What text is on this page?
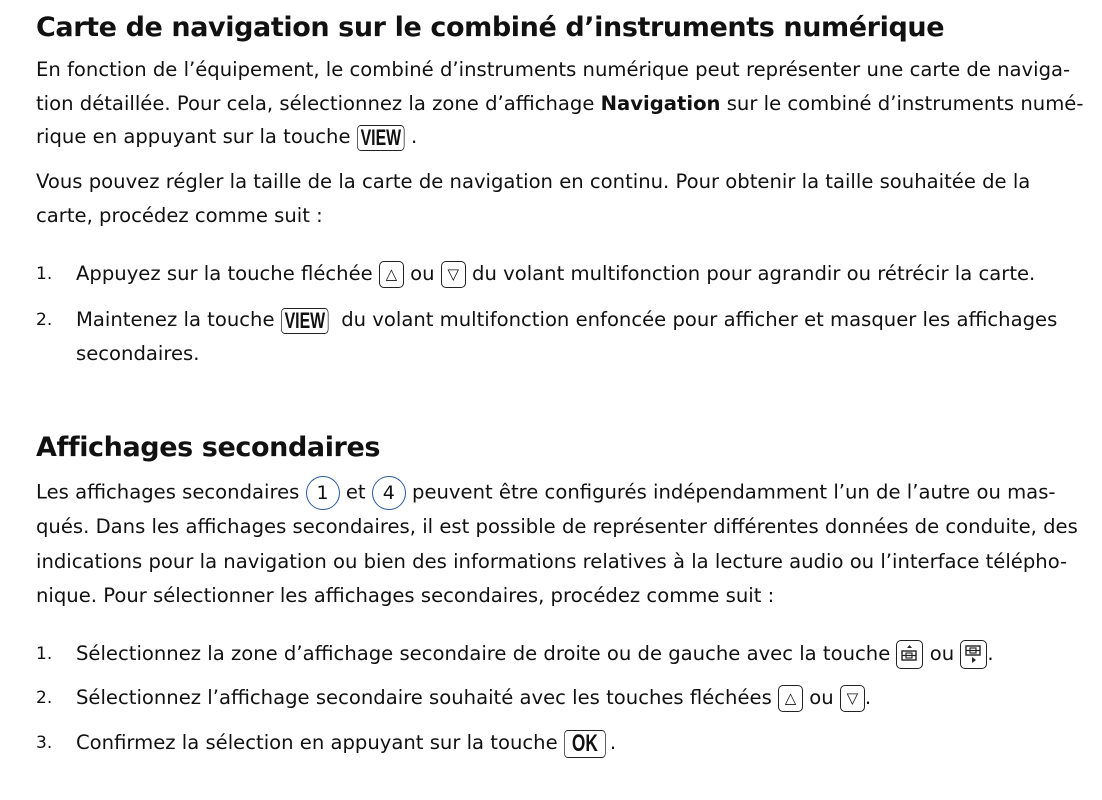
Carte de navigation sur le combiné d’instruments numérique
En fonction de l’équipement, le combiné d’instruments numérique peut représenter une carte de naviga-
tion détaillée. Pour cela, sélectionnez la zone d’affichage Navigation sur le combiné d’instruments numé-
rique en appuyant sur la touche VIEW .
Vous pouvez régler la taille de la carte de navigation en continu. Pour obtenir la taille souhaitée de la
carte, procédez comme suit :
1. Appuyez sur la touche fléchée △ ou ▽ du volant multifonction pour agrandir ou rétrécir la carte.
2. Maintenez la touche VIEW du volant multifonction enfoncée pour afficher et masquer les affichages
secondaires.
Affichages secondaires
Les affichages secondaires 1 et 4 peuvent être configurés indépendamment l’un de l’autre ou mas-
qués. Dans les affichages secondaires, il est possible de représenter différentes données de conduite, des
indications pour la navigation ou bien des informations relatives à la lecture audio ou l’interface télépho-
nique. Pour sélectionner les affichages secondaires, procédez comme suit :
1. Sélectionnez la zone d’affichage secondaire de droite ou de gauche avec la touche
ou
.
2. Sélectionnez l’affichage secondaire souhaité avec les touches fléchées △ ou ▽ .
3. Confirmez la sélection en appuyant sur la touche OK .
